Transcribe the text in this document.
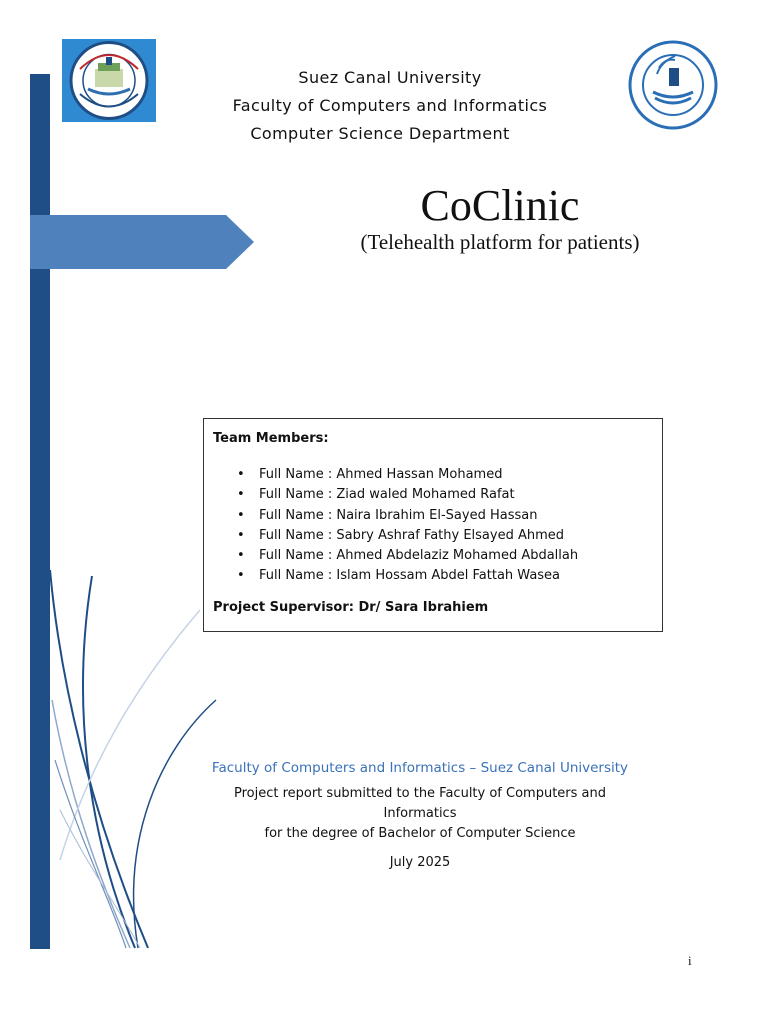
Suez Canal University
Faculty of Computers and Informatics
Computer Science Department
CoClinic
(Telehealth platform for patients)
Team Members:
• Full Name : Ahmed Hassan Mohamed
• Full Name : Ziad waled Mohamed Rafat
• Full Name : Naira Ibrahim El-Sayed Hassan
• Full Name : Sabry Ashraf Fathy Elsayed Ahmed
• Full Name : Ahmed Abdelaziz Mohamed Abdallah
• Full Name : Islam Hossam Abdel Fattah Wasea
Project Supervisor: Dr/ Sara Ibrahiem
Faculty of Computers and Informatics – Suez Canal University
Project report submitted to the Faculty of Computers and
Informatics
for the degree of Bachelor of Computer Science
July 2025
i
